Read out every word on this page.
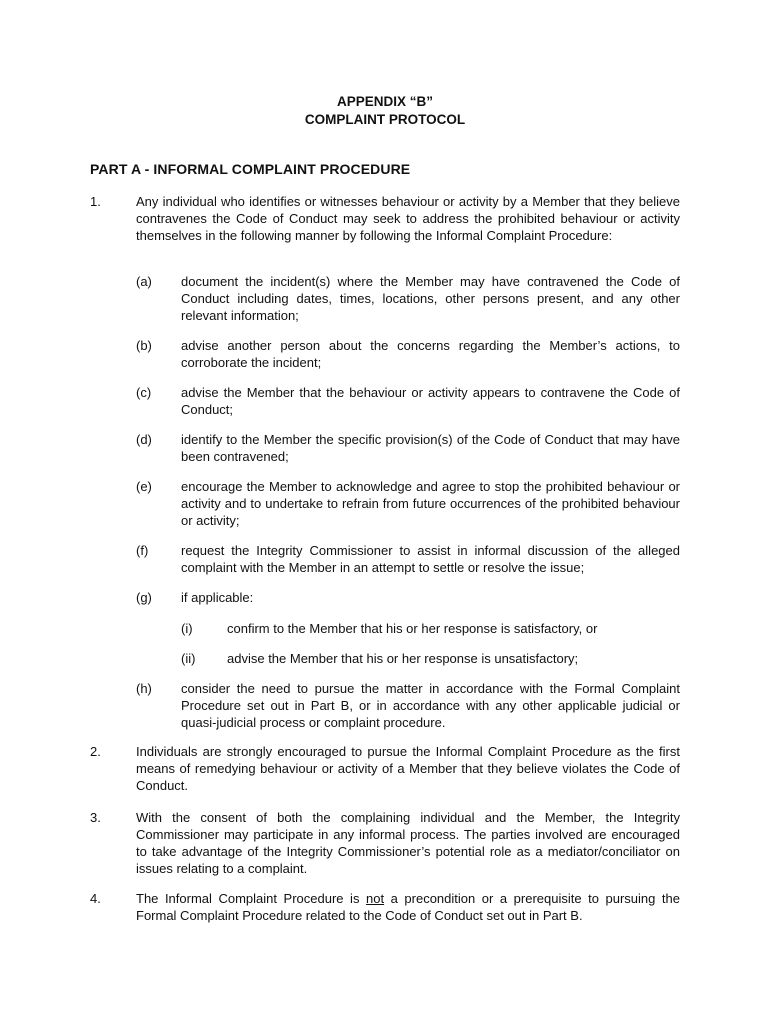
APPENDIX “B”
COMPLAINT PROTOCOL
PART A - INFORMAL COMPLAINT PROCEDURE
1.	Any individual who identifies or witnesses behaviour or activity by a Member that they believe contravenes the Code of Conduct may seek to address the prohibited behaviour or activity themselves in the following manner by following the Informal Complaint Procedure:
(a) document the incident(s) where the Member may have contravened the Code of Conduct including dates, times, locations, other persons present, and any other relevant information;
(b) advise another person about the concerns regarding the Member’s actions, to corroborate the incident;
(c) advise the Member that the behaviour or activity appears to contravene the Code of Conduct;
(d) identify to the Member the specific provision(s) of the Code of Conduct that may have been contravened;
(e) encourage the Member to acknowledge and agree to stop the prohibited behaviour or activity and to undertake to refrain from future occurrences of the prohibited behaviour or activity;
(f)	request the Integrity Commissioner to assist in informal discussion of the alleged complaint with the Member in an attempt to settle or resolve the issue;
(g) if applicable:
(i)	confirm to the Member that his or her response is satisfactory, or
(ii) advise the Member that his or her response is unsatisfactory;
(h) consider the need to pursue the matter in accordance with the Formal Complaint Procedure set out in Part B, or in accordance with any other applicable judicial or quasi-judicial process or complaint procedure.
2.	Individuals are strongly encouraged to pursue the Informal Complaint Procedure as the first means of remedying behaviour or activity of a Member that they believe violates the Code of Conduct.
3.	With the consent of both the complaining individual and the Member, the Integrity Commissioner may participate in any informal process. The parties involved are encouraged to take advantage of the Integrity Commissioner’s potential role as a mediator/conciliator on issues relating to a complaint.
4.	The Informal Complaint Procedure is not a precondition or a prerequisite to pursuing the Formal Complaint Procedure related to the Code of Conduct set out in Part B.
